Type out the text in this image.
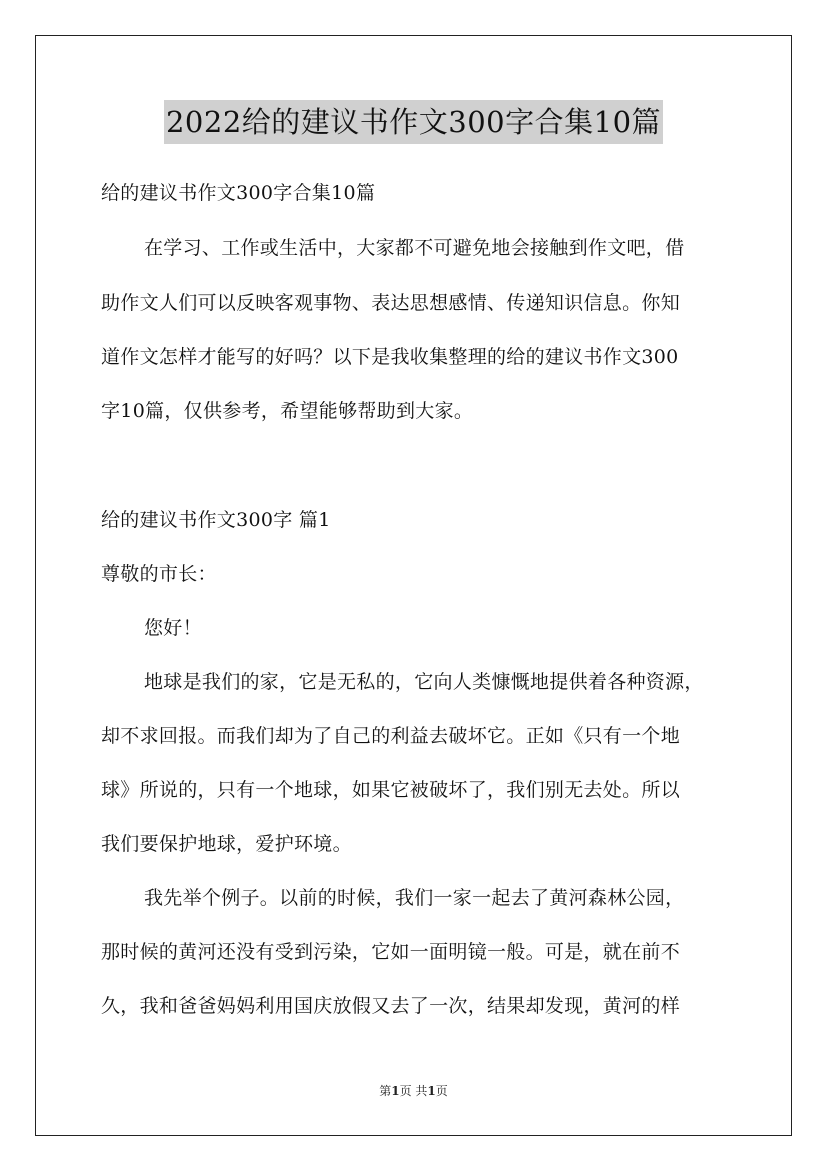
2022给的建议书作文300字合集10篇
给的建议书作文300字合集10篇
在学习、工作或生活中，大家都不可避免地会接触到作文吧，借
助作文人们可以反映客观事物、表达思想感情、传递知识信息。你知
道作文怎样才能写的好吗？以下是我收集整理的给的建议书作文300
字10篇，仅供参考，希望能够帮助到大家。
给的建议书作文300字 篇1
尊敬的市长：
您好！
地球是我们的家，它是无私的，它向人类慷慨地提供着各种资源，
却不求回报。而我们却为了自己的利益去破坏它。正如《只有一个地
球》所说的，只有一个地球，如果它被破坏了，我们别无去处。所以
我们要保护地球，爱护环境。
我先举个例子。以前的时候，我们一家一起去了黄河森林公园，
那时候的黄河还没有受到污染，它如一面明镜一般。可是，就在前不
久，我和爸爸妈妈利用国庆放假又去了一次，结果却发现，黄河的样
第1页 共1页
